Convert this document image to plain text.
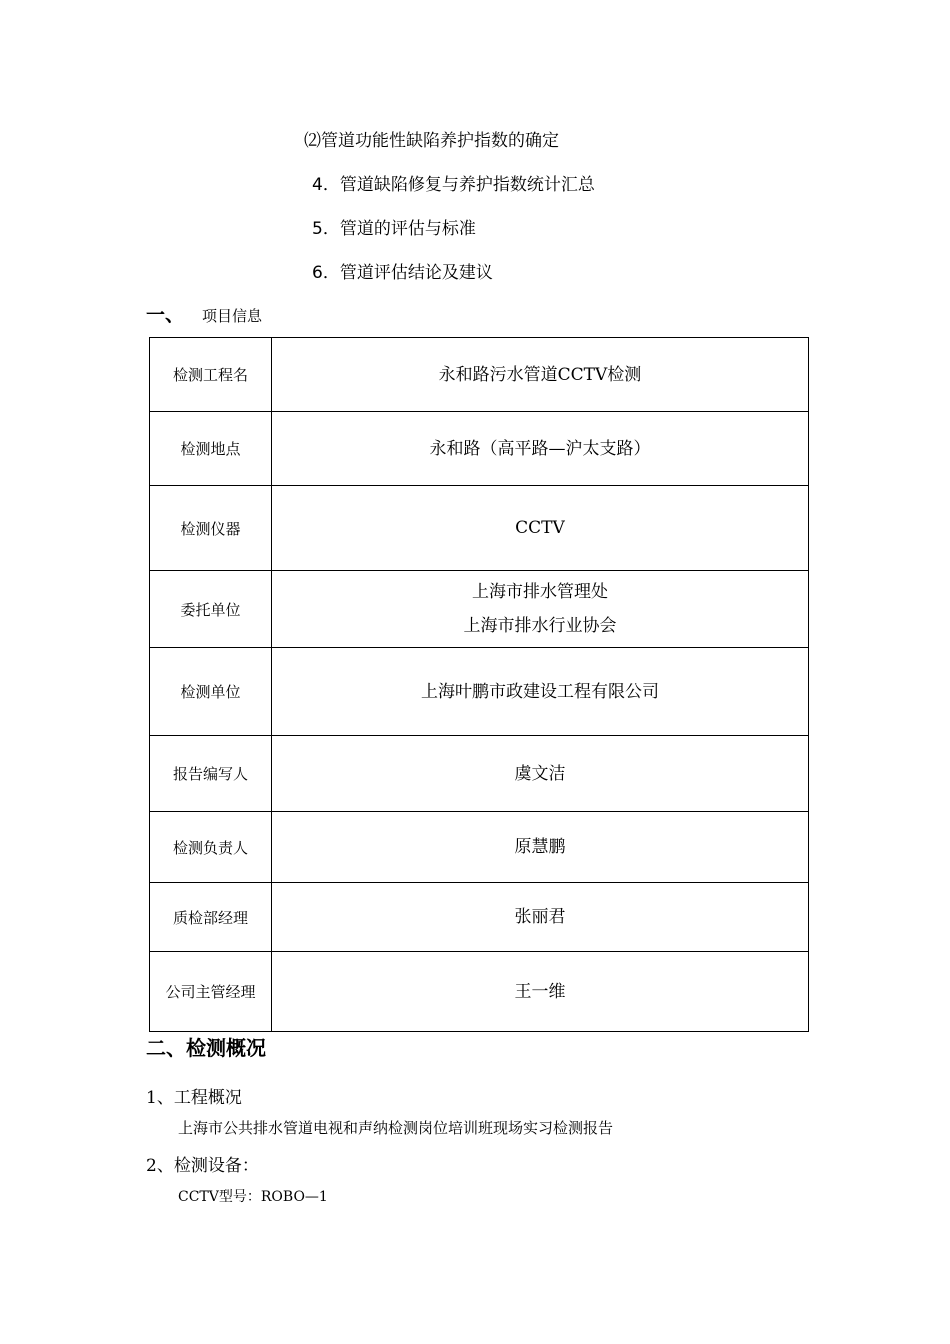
⑵管道功能性缺陷养护指数的确定
4．管道缺陷修复与养护指数统计汇总
5．管道的评估与标准
6．管道评估结论及建议
一、 项目信息
检测工程名	永和路污水管道CCTV检测
检测地点	永和路（高平路—沪太支路）
检测仪器	CCTV
委托单位	上海市排水管理处
上海市排水行业协会

检测单位	上海叶鹏市政建设工程有限公司
报告编写人	虞文洁
检测负责人	原慧鹏
质检部经理	张丽君
公司主管经理	王一维
二、检测概况
1、工程概况
上海市公共排水管道电视和声纳检测岗位培训班现场实习检测报告
2、检测设备：
CCTV型号：ROBO—1
